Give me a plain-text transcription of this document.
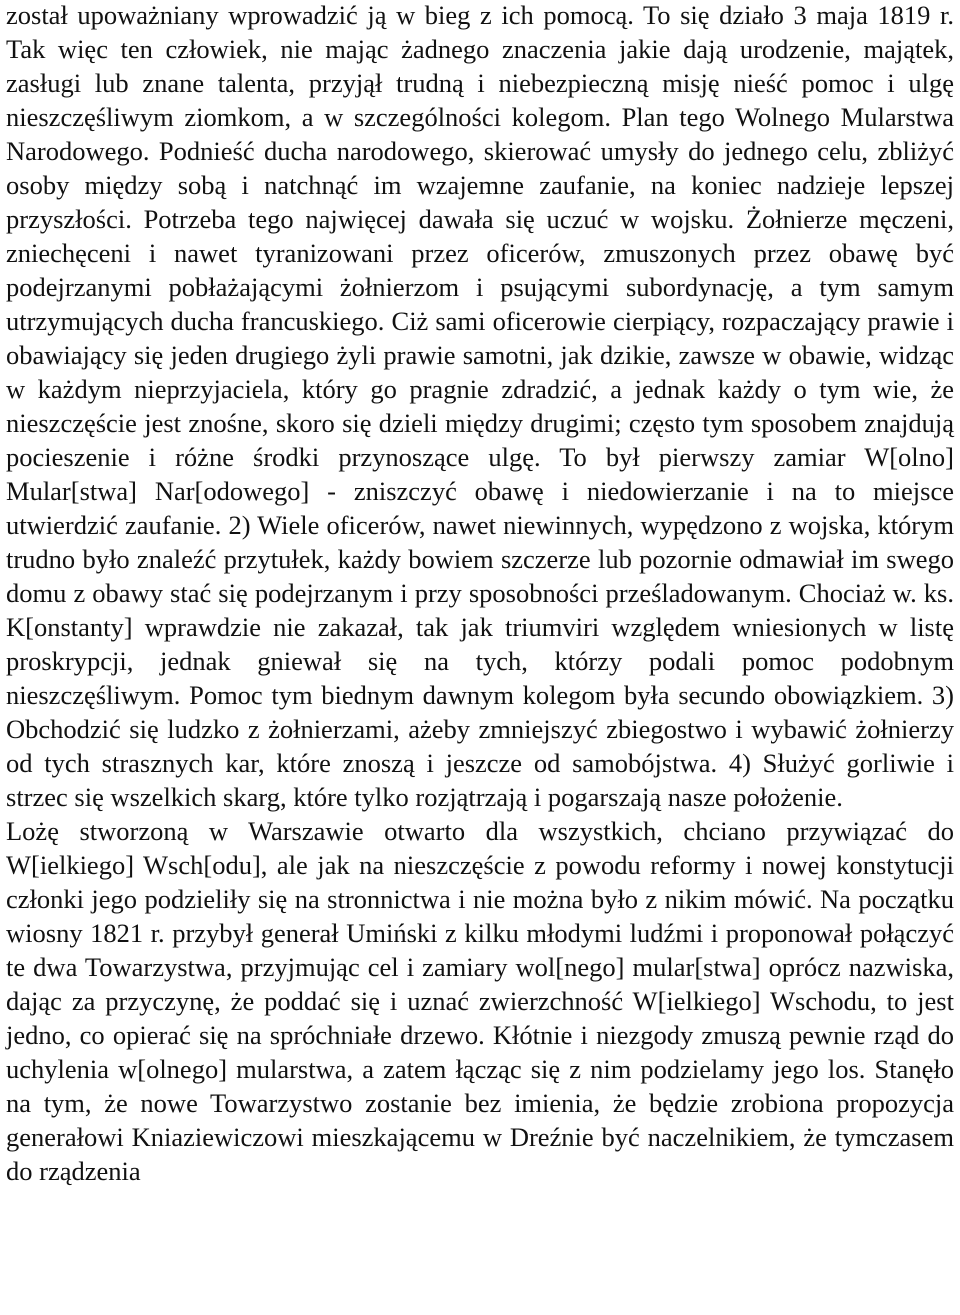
został upoważniany wprowadzić ją w bieg z ich pomocą. To się działo 3 maja 1819 r. Tak więc ten człowiek, nie mając żadnego znaczenia jakie dają urodzenie, majątek, zasługi lub znane talenta, przyjął trudną i niebezpieczną misję nieść pomoc i ulgę nieszczęśliwym ziomkom, a w szczególności kolegom. Plan tego Wolnego Mularstwa Narodowego. Podnieść ducha narodowego, skierować umysły do jednego celu, zbliżyć osoby między sobą i natchnąć im wzajemne zaufanie, na koniec nadzieje lepszej przyszłości. Potrzeba tego najwięcej dawała się uczuć w wojsku. Żołnierze męczeni, zniechęceni i nawet tyranizowani przez oficerów, zmuszonych przez obawę być podejrzanymi pobłażającymi żołnierzom i psującymi subordynację, a tym samym utrzymujących ducha francuskiego. Ciż sami oficerowie cierpiący, rozpaczający prawie i obawiający się jeden drugiego żyli prawie samotni, jak dzikie, zawsze w obawie, widząc w każdym nieprzyjaciela, który go pragnie zdradzić, a jednak każdy o tym wie, że nieszczęście jest znośne, skoro się dzieli między drugimi; często tym sposobem znajdują pocieszenie i różne środki przynoszące ulgę. To był pierwszy zamiar W[olno] Mular[stwa] Nar[odowego] - zniszczyć obawę i niedowierzanie i na to miejsce utwierdzić zaufanie. 2) Wiele oficerów, nawet niewinnych, wypędzono z wojska, którym trudno było znaleźć przytułek, każdy bowiem szczerze lub pozornie odmawiał im swego domu z obawy stać się podejrzanym i przy sposobności prześladowanym. Chociaż w. ks. K[onstanty] wprawdzie nie zakazał, tak jak triumviri względem wniesionych w listę proskrypcji, jednak gniewał się na tych, którzy podali pomoc podobnym nieszczęśliwym. Pomoc tym biednym dawnym kolegom była secundo obowiązkiem. 3) Obchodzić się ludzko z żołnierzami, ażeby zmniejszyć zbiegostwo i wybawić żołnierzy od tych strasznych kar, które znoszą i jeszcze od samobójstwa. 4) Służyć gorliwie i strzec się wszelkich skarg, które tylko rozjątrzają i pogarszają nasze położenie.

Lożę stworzoną w Warszawie otwarto dla wszystkich, chciano przywiązać do W[ielkiego] Wsch[odu], ale jak na nieszczęście z powodu reformy i nowej konstytucji członki jego podzieliły się na stronnictwa i nie można było z nikim mówić. Na początku wiosny 1821 r. przybył generał Umiński z kilku młodymi ludźmi i proponował połączyć te dwa Towarzystwa, przyjmując cel i zamiary wol[nego] mular[stwa] oprócz nazwiska, dając za przyczynę, że poddać się i uznać zwierzchność W[ielkiego] Wschodu, to jest jedno, co opierać się na spróchniałe drzewo. Kłótnie i niezgody zmuszą pewnie rząd do uchylenia w[olnego] mularstwa, a zatem łącząc się z nim podzielamy jego los. Stanęło na tym, że nowe Towarzystwo zostanie bez imienia, że będzie zrobiona propozycja generałowi Kniaziewiczowi mieszkającemu w Dreźnie być naczelnikiem, że tymczasem do rządzenia
